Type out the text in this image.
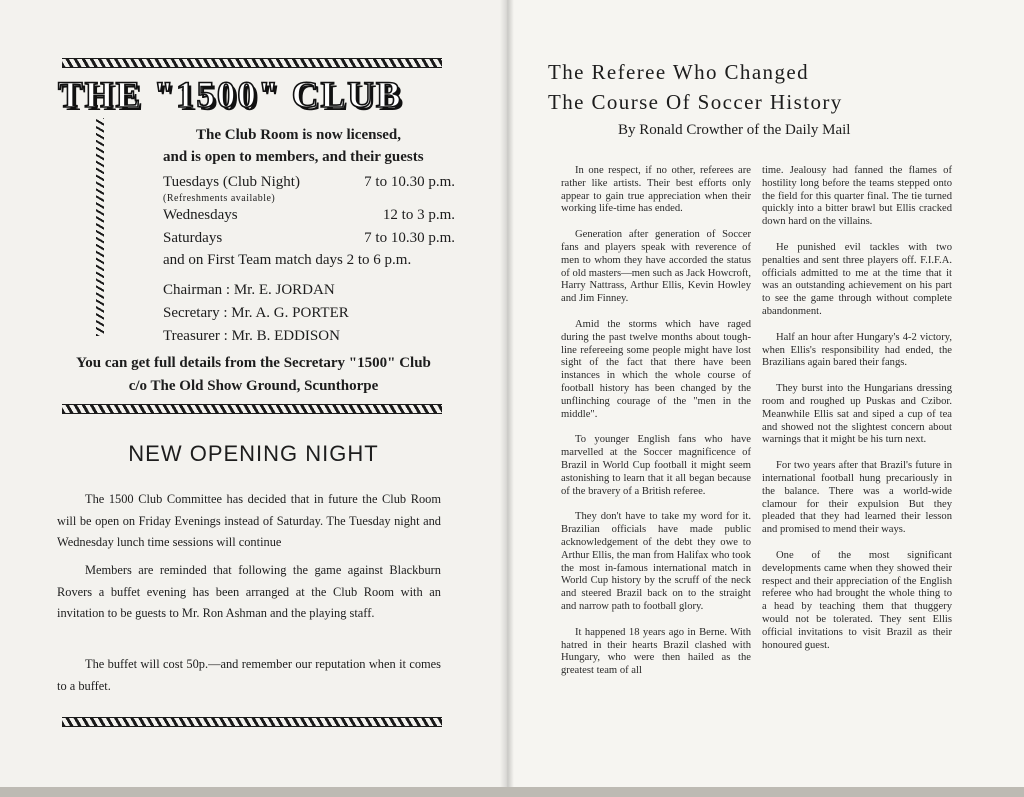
THE "1500" CLUB
The Club Room is now licensed,
and is open to members, and their guests
Tuesdays (Club Night)	7 to 10.30 p.m.
(Refreshments available)
Wednesdays	12 to 3 p.m.
Saturdays	7 to 10.30 p.m.
and on First Team match days 2 to 6 p.m.
Chairman : Mr. E. JORDAN
Secretary : Mr. A. G. PORTER
Treasurer : Mr. B. EDDISON
You can get full details from the Secretary "1500" Club
c/o The Old Show Ground, Scunthorpe
NEW OPENING NIGHT

The 1500 Club Committee has decided that in future the Club Room will be open on Friday Evenings instead of Saturday. The Tuesday night and Wednesday lunch time sessions will continue

Members are reminded that following the game against Blackburn Rovers a buffet evening has been arranged at the Club Room with an invitation to be guests to Mr. Ron Ashman and the playing staff.

The buffet will cost 50p.—and remember our reputation when it comes to a buffet.

The Referee Who Changed
The Course Of Soccer History
By Ronald Crowther of the Daily Mail

In one respect, if no other, referees are rather like artists. Their best efforts only appear to gain true appreciation when their working life-time has ended.

Generation after generation of Soccer fans and players speak with reverence of men to whom they have accorded the status of old masters—men such as Jack Howcroft, Harry Nattrass, Arthur Ellis, Kevin Howley and Jim Finney.

Amid the storms which have raged during the past twelve months about tough-line refereeing some people might have lost sight of the fact that there have been instances in which the whole course of football history has been changed by the unflinching courage of the "men in the middle".

To younger English fans who have marvelled at the Soccer magnificence of Brazil in World Cup football it might seem astonishing to learn that it all began because of the bravery of a British referee.

They don't have to take my word for it. Brazilian officials have made public acknowledgement of the debt they owe to Arthur Ellis, the man from Halifax who took the most in-famous international match in World Cup history by the scruff of the neck and steered Brazil back on to the straight and narrow path to football glory.

It happened 18 years ago in Berne. With hatred in their hearts Brazil clashed with Hungary, who were then hailed as the greatest team of all

time. Jealousy had fanned the flames of hostility long before the teams stepped onto the field for this quarter final. The tie turned quickly into a bitter brawl but Ellis cracked down hard on the villains.

He punished evil tackles with two penalties and sent three players off. F.I.F.A. officials admitted to me at the time that it was an outstanding achievement on his part to see the game through without complete abandonment.

Half an hour after Hungary's 4-2 victory, when Ellis's responsibility had ended, the Brazilians again bared their fangs.

They burst into the Hungarians dressing room and roughed up Puskas and Czibor. Meanwhile Ellis sat and siped a cup of tea and showed not the slightest concern about warnings that it might be his turn next.

For two years after that Brazil's future in international football hung precariously in the balance. There was a world-wide clamour for their expulsion But they pleaded that they had learned their lesson and promised to mend their ways.

One of the most significant developments came when they showed their respect and their appreciation of the English referee who had brought the whole thing to a head by teaching them that thuggery would not be tolerated. They sent Ellis official invitations to visit Brazil as their honoured guest.
